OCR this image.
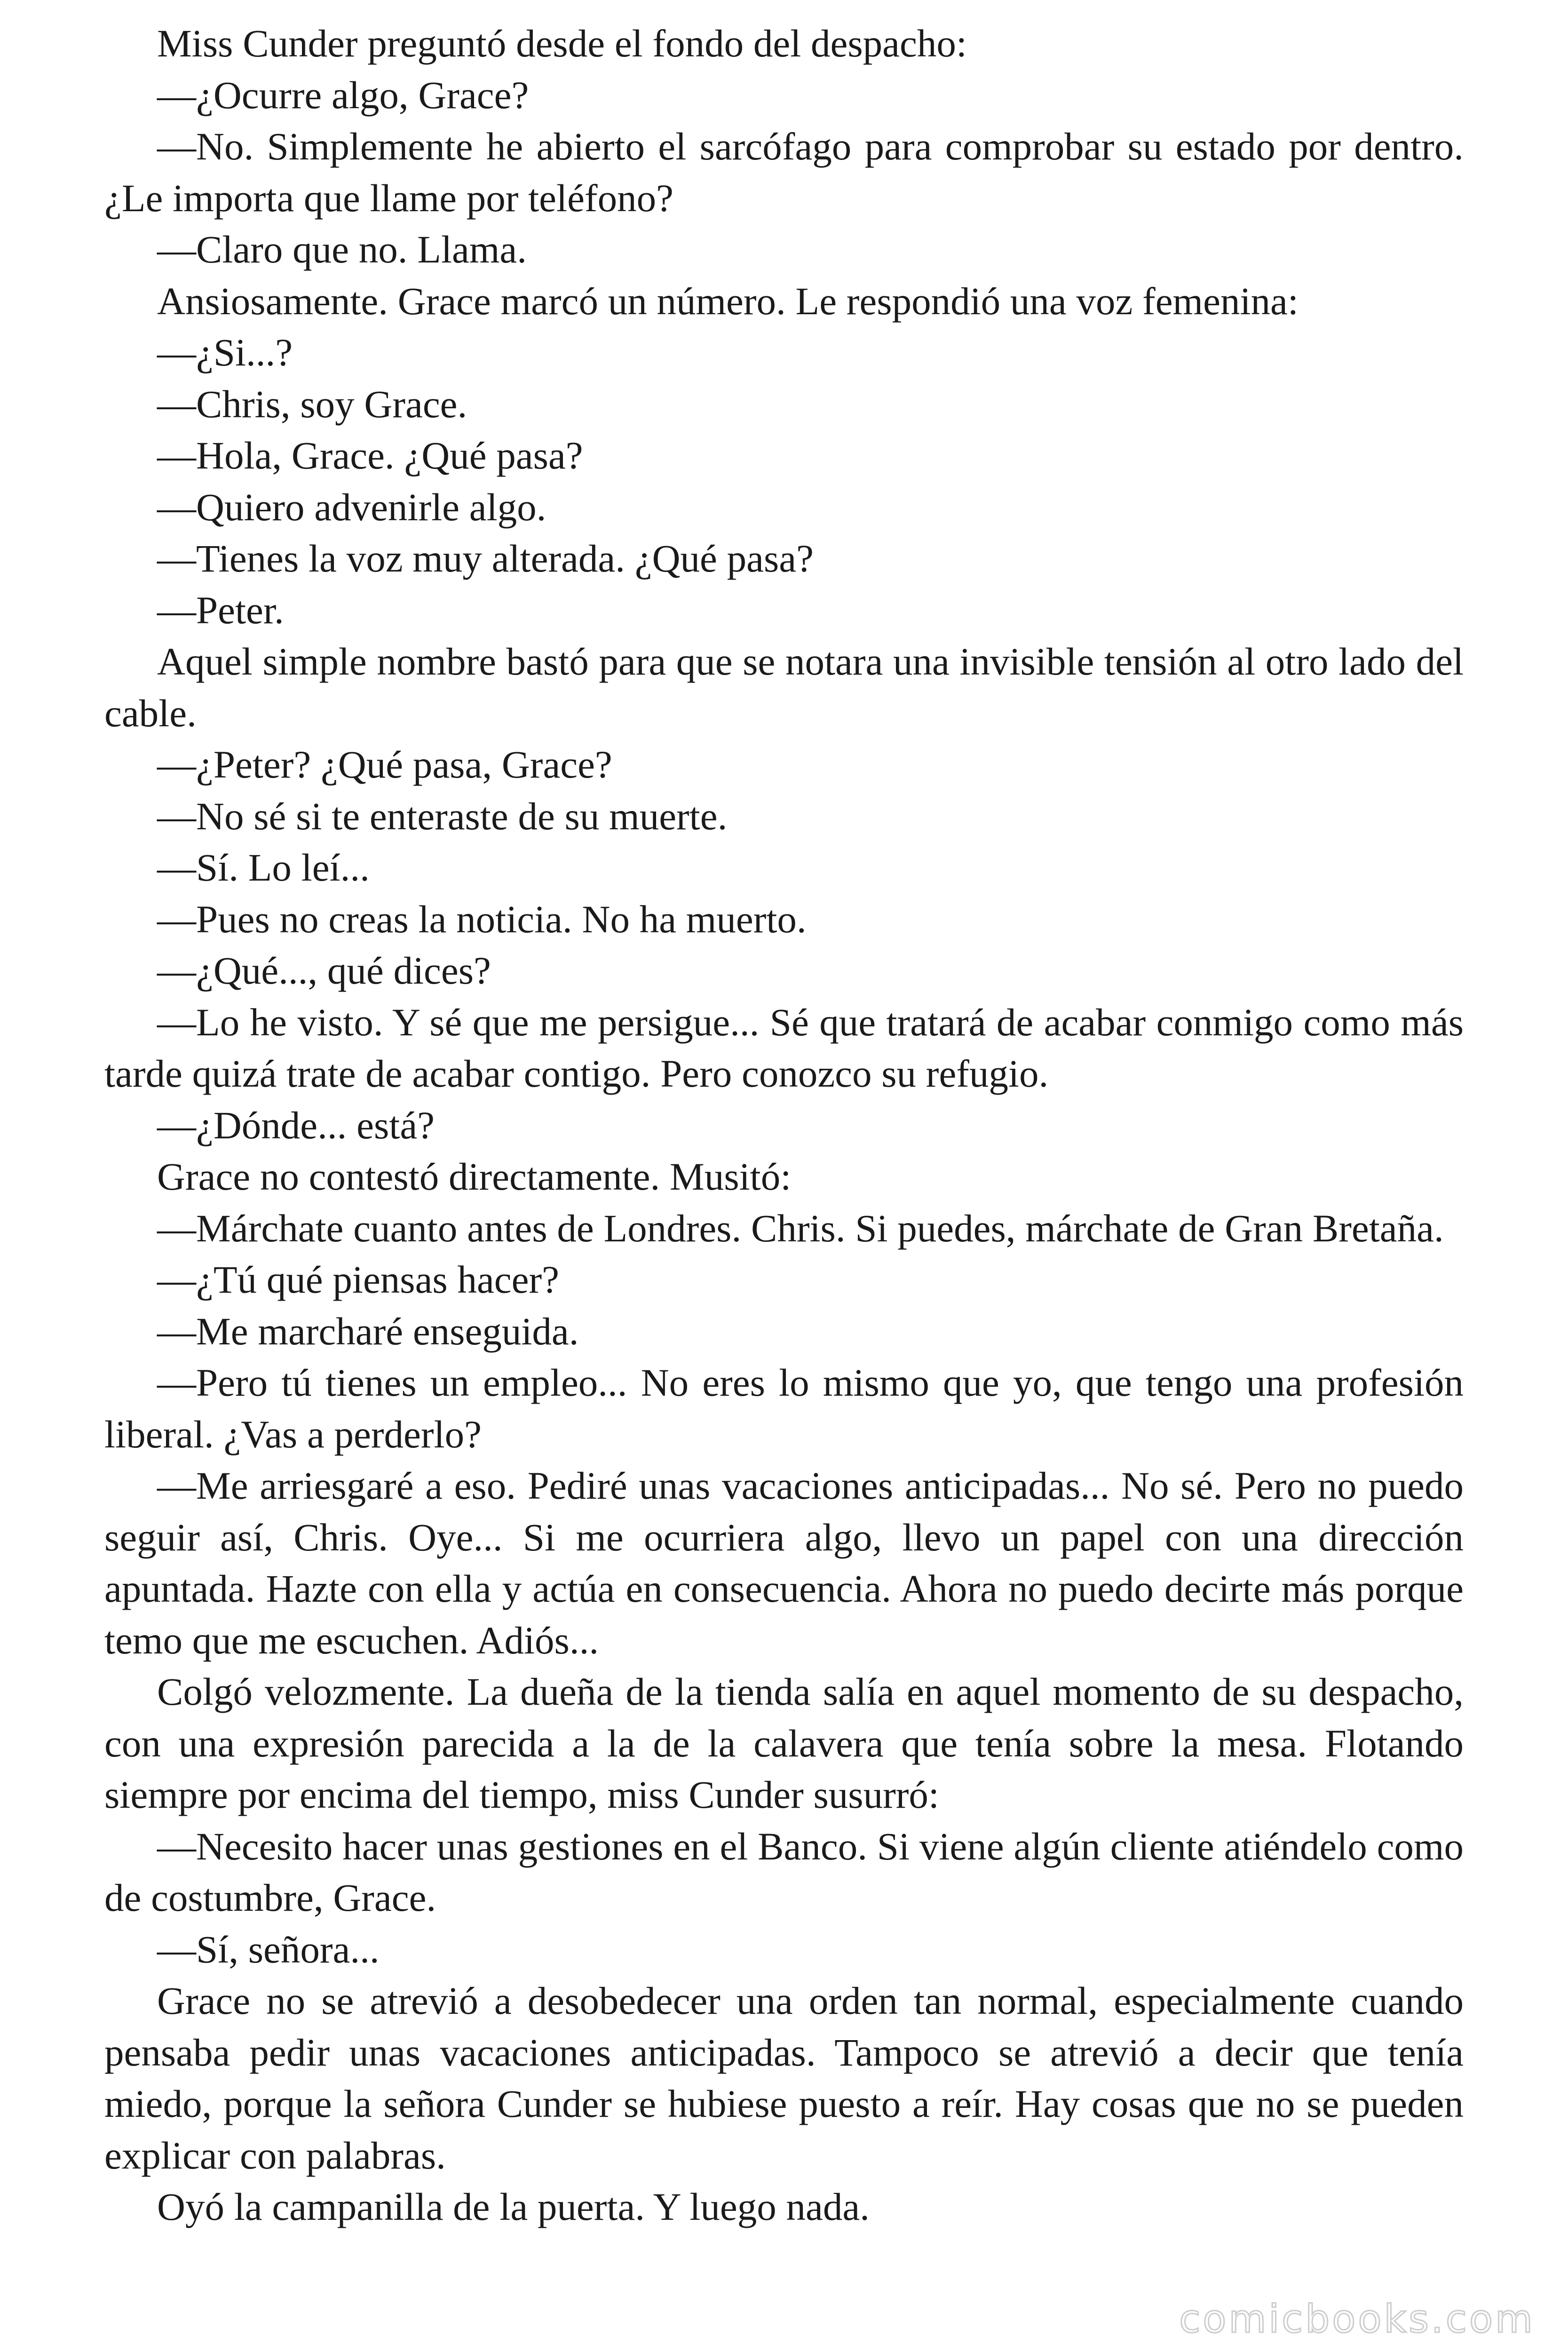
Miss Cunder preguntó desde el fondo del despacho:

—¿Ocurre algo, Grace?

—No. Simplemente he abierto el sarcófago para comprobar su estado por dentro. ¿Le importa que llame por teléfono?

—Claro que no. Llama.

Ansiosamente. Grace marcó un número. Le respondió una voz femenina:

—¿Si...?

—Chris, soy Grace.

—Hola, Grace. ¿Qué pasa?

—Quiero advenirle algo.

—Tienes la voz muy alterada. ¿Qué pasa?

—Peter.

Aquel simple nombre bastó para que se notara una invisible tensión al otro lado del cable.

—¿Peter? ¿Qué pasa, Grace?

—No sé si te enteraste de su muerte.

—Sí. Lo leí...

—Pues no creas la noticia. No ha muerto.

—¿Qué..., qué dices?

—Lo he visto. Y sé que me persigue... Sé que tratará de acabar conmigo como más tarde quizá trate de acabar contigo. Pero conozco su refugio.

—¿Dónde... está?

Grace no contestó directamente. Musitó:

—Márchate cuanto antes de Londres. Chris. Si puedes, márchate de Gran Bretaña.

—¿Tú qué piensas hacer?

—Me marcharé enseguida.

—Pero tú tienes un empleo... No eres lo mismo que yo, que tengo una profesión liberal. ¿Vas a perderlo?

—Me arriesgaré a eso. Pediré unas vacaciones anticipadas... No sé. Pero no puedo seguir así, Chris. Oye... Si me ocurriera algo, llevo un papel con una dirección apuntada. Hazte con ella y actúa en consecuencia. Ahora no puedo decirte más porque temo que me escuchen. Adiós...

Colgó velozmente. La dueña de la tienda salía en aquel momento de su despacho, con una expresión parecida a la de la calavera que tenía sobre la mesa. Flotando siempre por encima del tiempo, miss Cunder susurró:

—Necesito hacer unas gestiones en el Banco. Si viene algún cliente atiéndelo como de costumbre, Grace.

—Sí, señora...

Grace no se atrevió a desobedecer una orden tan normal, especialmente cuando pensaba pedir unas vacaciones anticipadas. Tampoco se atrevió a decir que tenía miedo, porque la señora Cunder se hubiese puesto a reír. Hay cosas que no se pueden explicar con palabras.

Oyó la campanilla de la puerta. Y luego nada.

comicbooks.com
